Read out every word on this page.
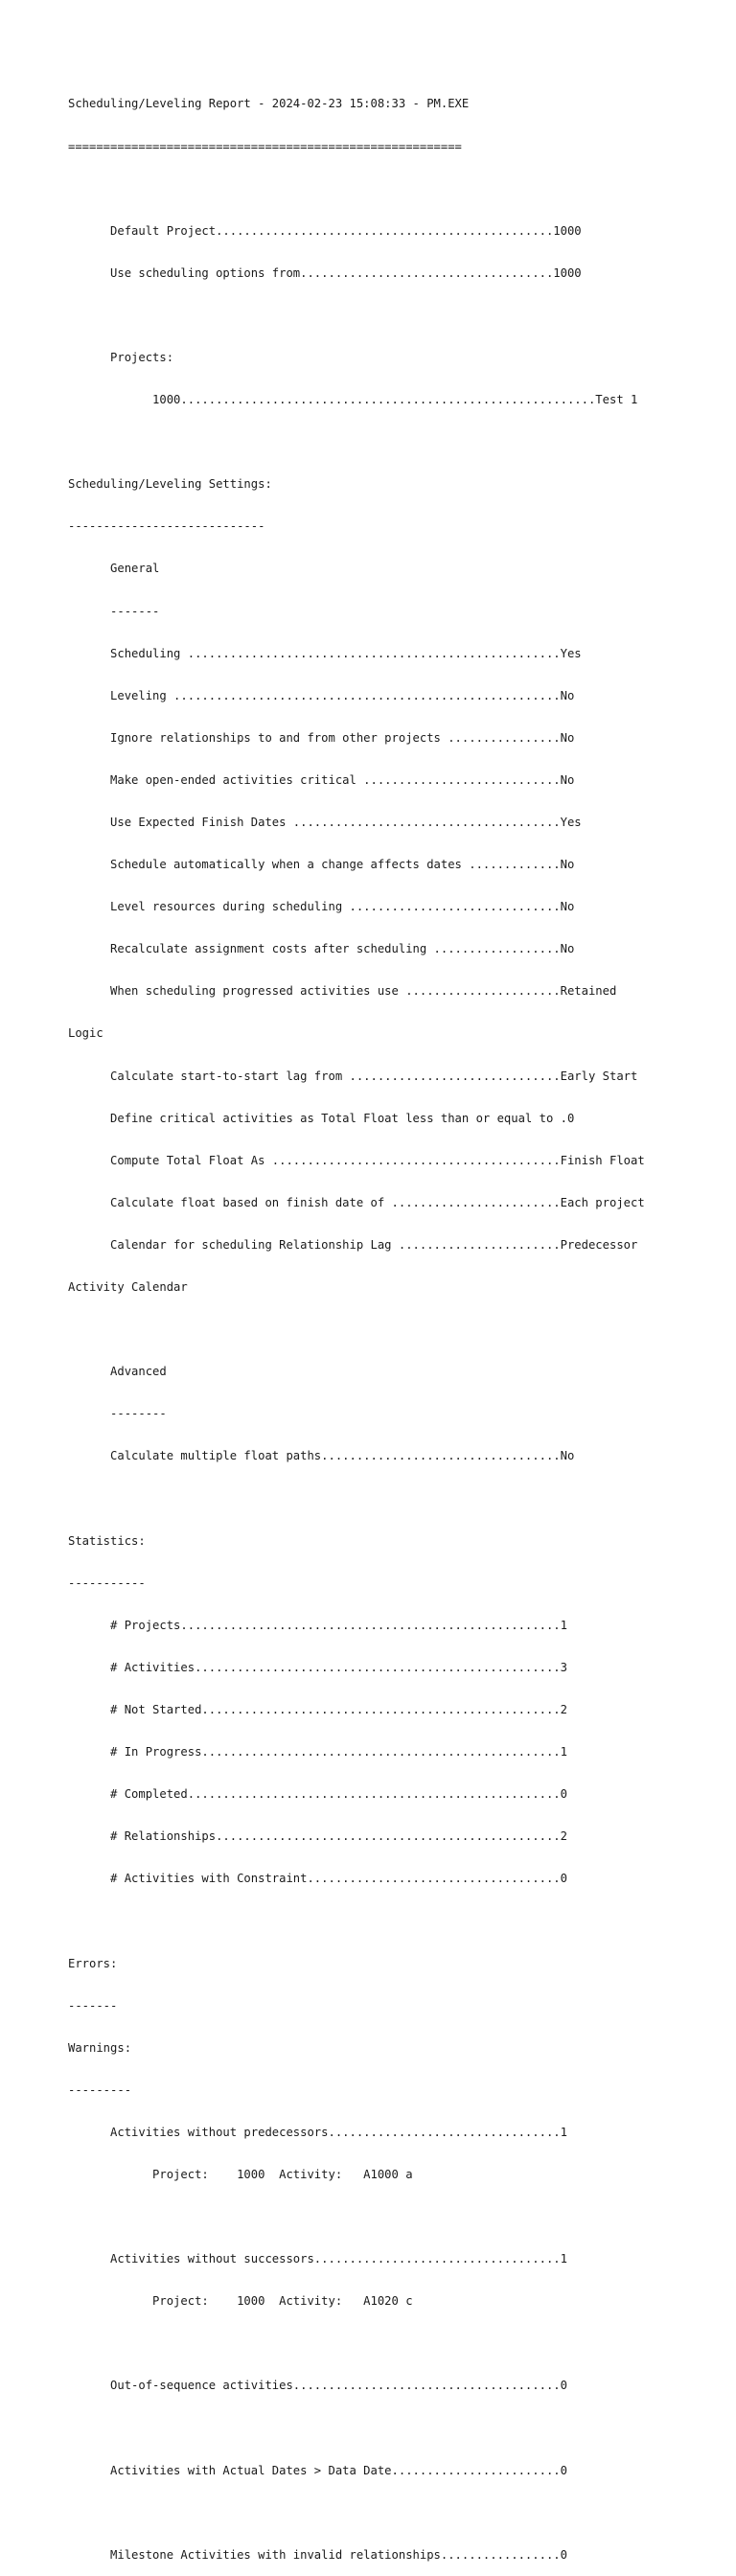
Scheduling/Leveling Report - 2024-02-23 15:08:33 - PM.EXE

========================================================

Default Project................................................1000

Use scheduling options from....................................1000

Projects:

1000...........................................................Test 1

Scheduling/Leveling Settings:

----------------------------

General

-------

Scheduling .....................................................Yes

Leveling .......................................................No

Ignore relationships to and from other projects ................No

Make open-ended activities critical ............................No

Use Expected Finish Dates ......................................Yes

Schedule automatically when a change affects dates .............No

Level resources during scheduling ..............................No

Recalculate assignment costs after scheduling ..................No

When scheduling progressed activities use ......................Retained

Logic

Calculate start-to-start lag from ..............................Early Start

Define critical activities as Total Float less than or equal to .0

Compute Total Float As .........................................Finish Float

Calculate float based on finish date of ........................Each project

Calendar for scheduling Relationship Lag .......................Predecessor

Activity Calendar

Advanced

--------

Calculate multiple float paths..................................No

Statistics:

-----------

# Projects......................................................1

# Activities....................................................3

# Not Started...................................................2

# In Progress...................................................1

# Completed.....................................................0

# Relationships.................................................2

# Activities with Constraint....................................0

Errors:

-------

Warnings:

---------

Activities without predecessors.................................1

Project:    1000  Activity:   A1000 a

Activities without successors...................................1

Project:    1000  Activity:   A1020 c

Out-of-sequence activities......................................0

Activities with Actual Dates > Data Date........................0

Milestone Activities with invalid relationships.................0
